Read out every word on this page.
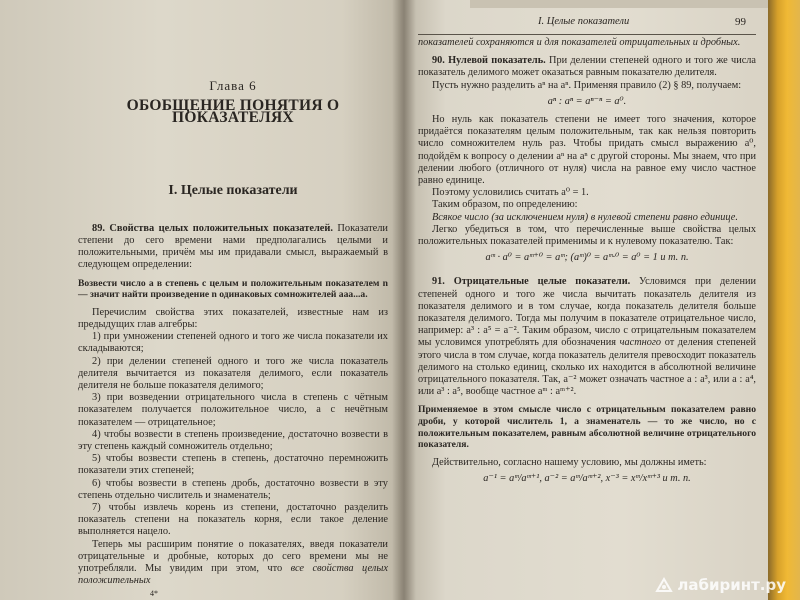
Глава 6

ОБОБЩЕНИЕ ПОНЯТИЯ О ПОКАЗАТЕЛЯХ

I. Целые показатели

89. Свойства целых положительных показателей. Показатели степени до сего времени нами предполагались целыми и положительными, причём мы им придавали смысл, выражаемый в следующем определении:

Возвести число a в степень с целым и положительным показателем n — значит найти произведение n одинаковых сомножителей aaa...a.

Перечислим свойства этих показателей, известные нам из предыдущих глав алгебры:

1) при умножении степеней одного и того же числа показатели их складываются;

2) при делении степеней одного и того же числа показатель делителя вычитается из показателя делимого, если показатель делителя не больше показателя делимого;

3) при возведении отрицательного числа в степень с чётным показателем получается положительное число, а с нечётным показателем — отрицательное;

4) чтобы возвести в степень произведение, достаточно возвести в эту степень каждый сомножитель отдельно;

5) чтобы возвести степень в степень, достаточно перемножить показатели этих степеней;

6) чтобы возвести в степень дробь, достаточно возвести в эту степень отдельно числитель и знаменатель;

7) чтобы извлечь корень из степени, достаточно разделить показатель степени на показатель корня, если такое деление выполняется нацело.

Теперь мы расширим понятие о показателях, введя показатели отрицательные и дробные, которых до сего времени мы не употребляли. Мы увидим при этом, что все свойства целых положительных

4*
I. Целые показатели	99

показателей сохраняются и для показателей отрицательных и дробных.

90. Нулевой показатель. При делении степеней одного и того же числа показатель делимого может оказаться равным показателю делителя.

Пусть нужно разделить aⁿ на aⁿ. Применяя правило (2) § 89, получаем:

aⁿ : aⁿ = aⁿ⁻ⁿ = a⁰.

Но нуль как показатель степени не имеет того значения, которое придаётся показателям целым положительным, так как нельзя повторить число сомножителем нуль раз. Чтобы придать смысл выражению a⁰, подойдём к вопросу о делении aⁿ на aⁿ с другой стороны. Мы знаем, что при делении любого (отличного от нуля) числа на равное ему число частное равно единице.

Поэтому условились считать a⁰ = 1.

Таким образом, по определению:

Всякое число (за исключением нуля) в нулевой степени равно единице.

Легко убедиться в том, что перечисленные выше свойства целых положительных показателей применимы и к нулевому показателю. Так:

aᵐ · a⁰ = aᵐ⁺⁰ = aᵐ; (aᵐ)⁰ = aᵐ·⁰ = a⁰ = 1 и т. п.

91. Отрицательные целые показатели. Условимся при делении степеней одного и того же числа вычитать показатель делителя из показателя делимого и в том случае, когда показатель делителя больше показателя делимого. Тогда мы получим в показателе отрицательное число, например: a³ : a⁵ = a⁻². Таким образом, число с отрицательным показателем мы условимся употреблять для обозначения частного от деления степеней этого числа в том случае, когда показатель делителя превосходит показатель делимого на столько единиц, сколько их находится в абсолютной величине отрицательного показателя. Так, a⁻² может означать частное a : a³, или a : a⁴, или a³ : a⁵, вообще частное aᵐ : aᵐ⁺².

Применяемое в этом смысле число с отрицательным показателем равно дроби, у которой числитель 1, а знаменатель — то же число, но с положительным показателем, равным абсолютной величине отрицательного показателя.

Действительно, согласно нашему условию, мы должны иметь:

a⁻¹ = aᵐ/aᵐ⁺¹, a⁻² = aᵐ/aᵐ⁺², x⁻³ = xᵐ/xᵐ⁺³ и т. п.

лабиринт.ру
